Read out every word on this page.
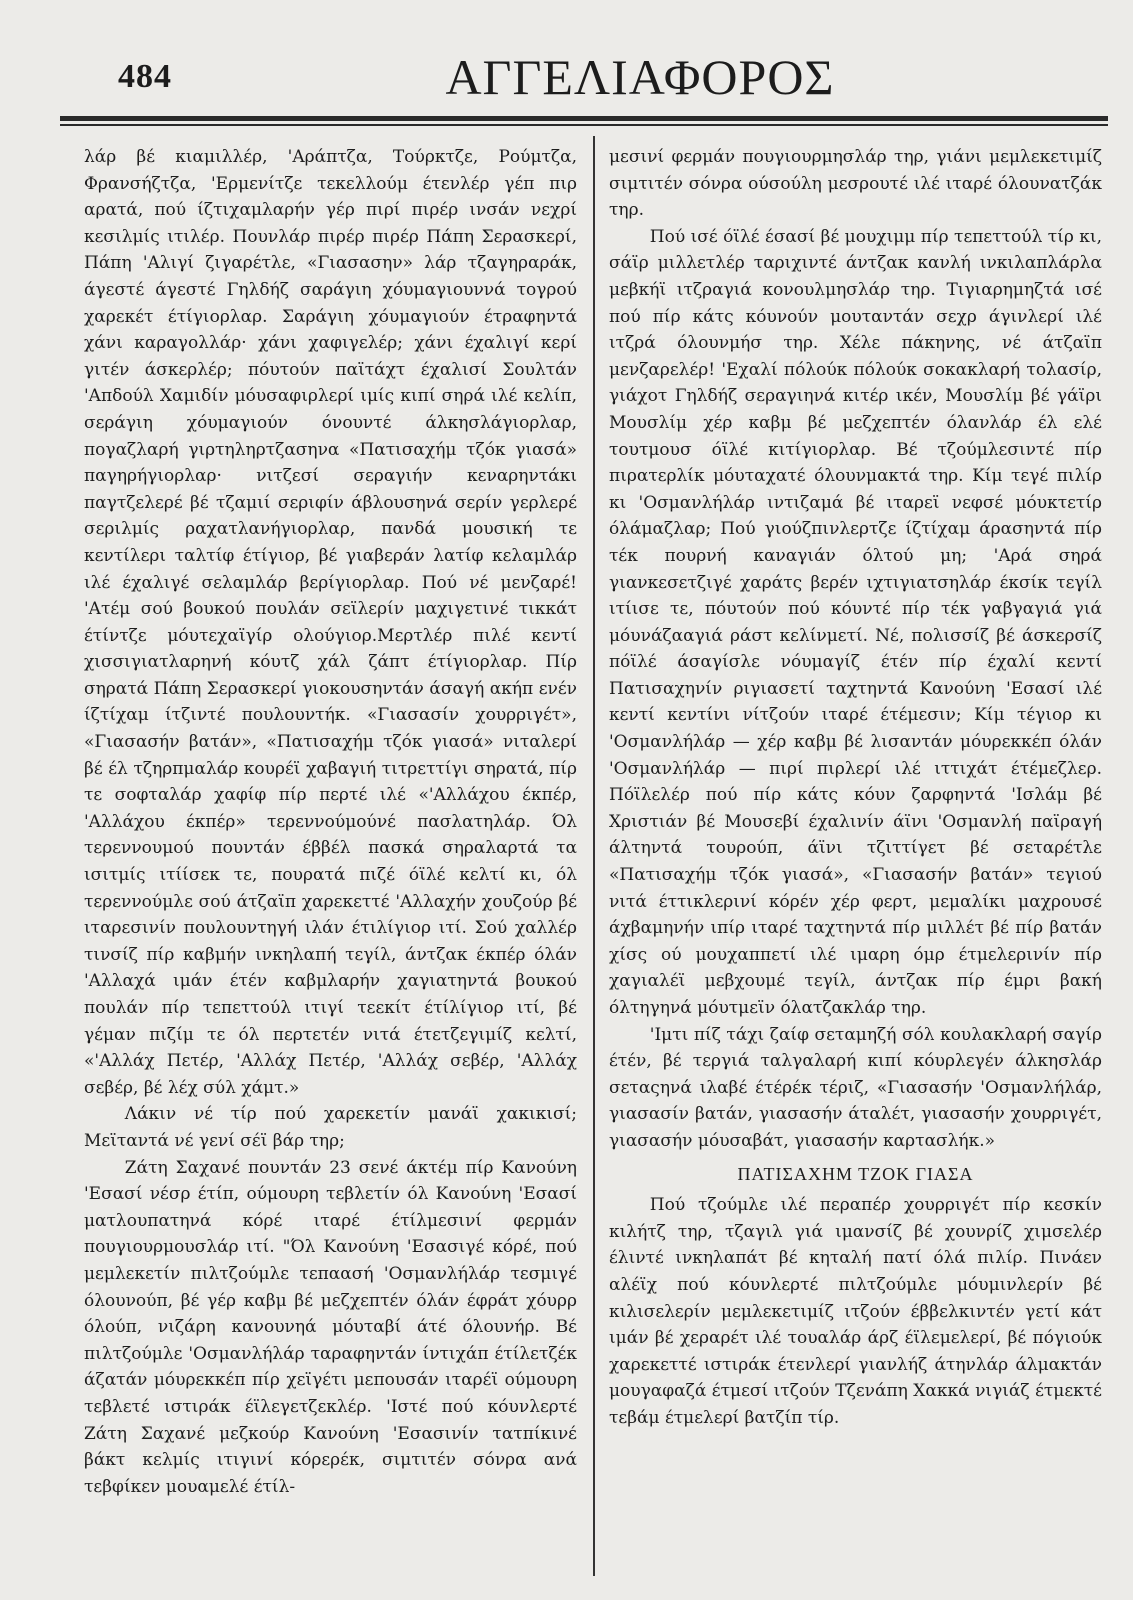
484	ΑΓΓΕΛΙΑΦΟΡΟΣ

λάρ βέ κιαμιλλέρ, 'Αράπτζα, Τούρκτζε, Ρούμτζα, Φρανσήζτζα, 'Ερμενίτζε τεκελλούμ έτενλέρ γέπ πιρ αρατά, πού ίζτιχαμλαρήν γέρ πιρί πιρέρ ινσάν νεχρί κεσιλμίς ιτιλέρ. Πουνλάρ πιρέρ πιρέρ Πάπη Σερασκερί, Πάπη 'Αλιγί ζιγαρέτλε, «Γιασασην» λάρ τζαγηραράκ, άγεστέ άγεστέ Γηλδήζ σαράγιη χόυμαγιουννά τογρού χαρεκέτ έτίγιορλαρ. Σαράγιη χόυμαγιούν έτραφηντά χάνι καραγολλάρ· χάνι χαφιγελέρ; χάνι έχαλιγί κερί γιτέν άσκερλέρ; πόυτούν παϊτάχτ έχαλισί Σουλτάν 'Απδούλ Χαμιδίν μόυσαφιρλερί ιμίς κιπί σηρά ιλέ κελίπ, σεράγιη χόυμαγιούν όνουντέ άλκησλάγιορλαρ, πογαζλαρή γιρτηληρτζασηνα «Πατισαχήμ τζόκ γιασά» παγηρήγιορλαρ· νιτζεσί σεραγιήν κεναρηντάκι παγτζελερέ βέ τζαμιί σεριφίν άβλουσηνά σερίν γερλερέ σεριλμίς ραχατλανήγιορλαρ, πανδά μουσική τε κεντίλερι ταλτίφ έτίγιορ, βέ γιαβεράν λατίφ κελαμλάρ ιλέ έχαλιγέ σελαμλάρ βερίγιορλαρ. Πού νέ μενζαρέ! 'Ατέμ σού βουκού πουλάν σεϊλερίν μαχιγετινέ τικκάτ έτίντζε μόυτεχαϊγίρ ολούγιορ.Μερτλέρ πιλέ κεντί χισσιγιατλαρηνή κόυτζ χάλ ζάπτ έτίγιορλαρ. Πίρ σηρατά Πάπη Σερασκερί γιοκουσηντάν άσαγή ακήπ ενέν ίζτίχαμ ίτζιντέ πουλουντήκ. «Γιασασίν χουρριγέτ», «Γιασασήν βατάν», «Πατισαχήμ τζόκ γιασά» νιταλερί βέ έλ τζηρπμαλάρ κουρέϊ χαβαγιή τιτρεττίγι σηρατά, πίρ τε σοφταλάρ χαφίφ πίρ περτέ ιλέ «'Αλλάχου έκπέρ, 'Αλλάχου έκπέρ» τερεννούμούνέ πασλατηλάρ. Όλ τερεννουμού πουντάν έββέλ πασκά σηραλαρτά τα ισιτμίς ιτίίσεκ τε, πουρατά πιζέ όϊλέ κελτί κι, όλ τερεννούμλε σού άτζαϊπ χαρεκεττέ 'Αλλαχήν χουζούρ βέ ιταρεσινίν πουλουντηγή ιλάν έτιλίγιορ ιτί. Σού χαλλέρ τινσίζ πίρ καβμήν ινκηλαπή τεγίλ, άντζακ έκπέρ όλάν 'Αλλαχά ιμάν έτέν καβμλαρήν χαγιατηντά βουκού πουλάν πίρ τεπεττούλ ιτιγί τεεκίτ έτίλίγιορ ιτί, βέ γέμαν πιζίμ τε όλ περτετέν νιτά έτετζεγιμίζ κελτί, «'Αλλάχ Πετέρ, 'Αλλάχ Πετέρ, 'Αλλάχ σεβέρ, 'Αλλάχ σεβέρ, βέ λέχ σύλ χάμτ.»

Λάκιν νέ τίρ πού χαρεκετίν μανάϊ χακικισί; Μεϊταντά νέ γενί σέϊ βάρ τηρ;

Ζάτη Σαχανέ πουντάν 23 σενέ άκτέμ πίρ Κανούνη 'Εσασί νέσρ έτίπ, ούμουρη τεβλετίν όλ Κανούνη 'Εσασί ματλουπατηνά κόρέ ιταρέ έτίλμεσινί φερμάν πουγιουρμουσλάρ ιτί. "Όλ Κανούνη 'Εσασιγέ κόρέ, πού μεμλεκετίν πιλτζούμλε τεπαασή 'Οσμανλήλάρ τεσμιγέ όλουνούπ, βέ γέρ καβμ βέ μεζχεπτέν όλάν έφράτ χόυρρ όλούπ, νιζάρη κανουνηά μόυταβί άτέ όλουνήρ. Βέ πιλτζούμλε 'Οσμανλήλάρ ταραφηντάν ίντιχάπ έτίλετζέκ άζατάν μόυρεκκέπ πίρ χεϊγέτι μεπουσάν ιταρέϊ ούμουρη τεβλετέ ιστιράκ έϊλεγετζεκλέρ. 'Ιστέ πού κόυνλερτέ Ζάτη Σαχανέ μεζκούρ Κανούνη 'Εσασινίν τατπίκινέ βάκτ κελμίς ιτιγινί κόρερέκ, σιμτιτέν σόνρα ανά τεβφίκεν μουαμελέ έτίλ-

μεσινί φερμάν πουγιουρμησλάρ τηρ, γιάνι μεμλεκετιμίζ σιμτιτέν σόνρα ούσούλη μεσρουτέ ιλέ ιταρέ όλουνατζάκ τηρ.

Πού ισέ όϊλέ έσασί βέ μουχιμμ πίρ τεπεττούλ τίρ κι, σάϊρ μιλλετλέρ ταριχιντέ άντζακ κανλή ινκιλαπλάρλα μεβκήϊ ιτζραγιά κονουλμησλάρ τηρ. Τιγιαρημηζτά ισέ πού πίρ κάτς κόυνούν μουταντάν σεχρ άγινλερί ιλέ ιτζρά όλουνμήσ τηρ. Χέλε πάκηνης, νέ άτζαϊπ μενζαρελέρ! 'Εχαλί πόλούκ πόλούκ σοκακλαρή τολασίρ, γιάχοτ Γηλδήζ σεραγιηνά κιτέρ ικέν, Μουσλίμ βέ γάϊρι Μουσλίμ χέρ καβμ βέ μεζχεπτέν όλανλάρ έλ ελέ τουτμουσ όϊλέ κιτίγιορλαρ. Βέ τζούμλεσιντέ πίρ πιρατερλίκ μόυταχατέ όλουνμακτά τηρ. Κίμ τεγέ πιλίρ κι 'Οσμανλήλάρ ιντιζαμά βέ ιταρεϊ νεφσέ μόυκτετίρ όλάμαζλαρ; Πού γιούζπινλερτζε ίζτίχαμ άρασηντά πίρ τέκ πουρνή καναγιάν όλτού μη; 'Αρά σηρά γιανκεσετζιγέ χαράτς βερέν ιχτιγιατσηλάρ έκσίκ τεγίλ ιτίισε τε, πόυτούν πού κόυντέ πίρ τέκ γαβγαγιά γιά μόυνάζααγιά ράστ κελίνμετί. Νέ, πολισσίζ βέ άσκερσίζ πόϊλέ άσαγίσλε νόυμαγίζ έτέν πίρ έχαλί κεντί Πατισαχηνίν ριγιασετί ταχτηντά Κανούνη 'Εσασί ιλέ κεντί κεντίνι νίτζούν ιταρέ έτέμεσιν; Κίμ τέγιορ κι 'Οσμανλήλάρ — χέρ καβμ βέ λισαντάν μόυρεκκέπ όλάν 'Οσμανλήλάρ — πιρί πιρλερί ιλέ ιττιχάτ έτέμεζλερ. Πόϊλελέρ πού πίρ κάτς κόυν ζαρφηντά 'Ισλάμ βέ Χριστιάν βέ Μουσεβί έχαλινίν άϊνι 'Οσμανλή παϊραγή άλτηντά τουρούπ, άϊνι τζιττίγετ βέ σεταρέτλε «Πατισαχήμ τζόκ γιασά», «Γιασασήν βατάν» τεγιού νιτά έττικλερινί κόρέν χέρ φερτ, μεμαλίκι μαχρουσέ άχβαμηνήν ιπίρ ιταρέ ταχτηντά πίρ μιλλέτ βέ πίρ βατάν χίσς ού μουχαππετί ιλέ ιμαρη όμρ έτμελερινίν πίρ χαγιαλέϊ μεβχουμέ τεγίλ, άντζακ πίρ έμρι βακή όλτηγηνά μόυτμεϊν όλατζακλάρ τηρ.

'Ιμτι πίζ τάχι ζαίφ σεταμηζή σόλ κουλακλαρή σαγίρ έτέν, βέ τεργιά ταλγαλαρή κιπί κόυρλεγέν άλκησλάρ σεταςηνά ιλαβέ έτέρέκ τέριζ, «Γιασασήν 'Οσμανλήλάρ, γιασασίν βατάν, γιασασήν άταλέτ, γιασασήν χουρριγέτ, γιασασήν μόυσαβάτ, γιασασήν καρτασλήκ.»

ΠΑΤΙΣΑΧΗΜ ΤΖΟΚ ΓΙΑΣΑ

Πού τζούμλε ιλέ περαπέρ χουρριγέτ πίρ κεσκίν κιλήτζ τηρ, τζαγιλ γιά ιμανσίζ βέ χουνρίζ χιμσελέρ έλιντέ ινκηλαπάτ βέ κηταλή πατί όλά πιλίρ. Πινάεν αλέϊχ πού κόυνλερτέ πιλτζούμλε μόυμινλερίν βέ κιλισελερίν μεμλεκετιμίζ ιτζούν έββελκιντέν γετί κάτ ιμάν βέ χεραρέτ ιλέ τουαλάρ άρζ έϊλεμελερί, βέ πόγιούκ χαρεκεττέ ιστιράκ έτενλερί γιανλήζ άτηνλάρ άλμακτάν μουγαφαζά έτμεσί ιτζούν Τζενάπη Χακκά νιγιάζ έτμεκτέ τεβάμ έτμελερί βατζίπ τίρ.
